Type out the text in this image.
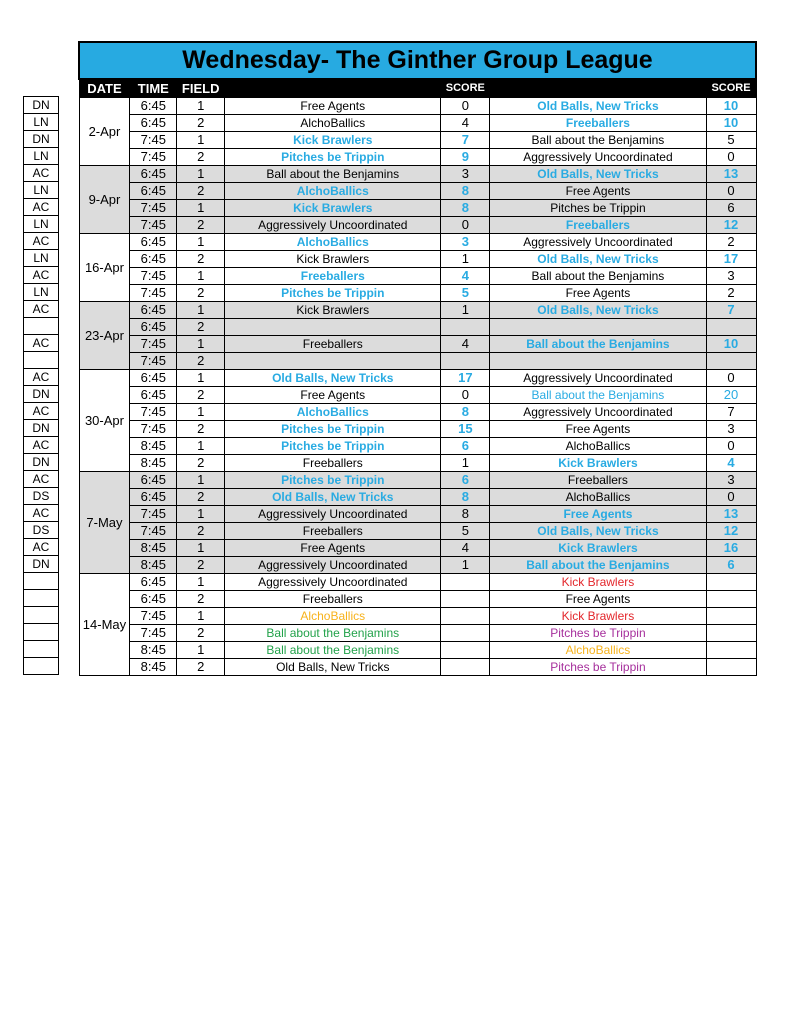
DN
LN
DN
LN
AC
LN
AC
LN
AC
LN
AC
LN
AC

AC

AC
DN
AC
DN
AC
DN
AC
DS
AC
DS
AC
DN

Wednesday- The Ginther Group League						
DATE	TIME	FIELD		SCORE		SCORE
2-Apr	6:45	1	Free Agents	0	Old Balls, New Tricks	10
	6:45	2	AlchoBallics	4	Freeballers	10
	7:45	1	Kick Brawlers	7	Ball about the Benjamins	5
	7:45	2	Pitches be Trippin	9	Aggressively Uncoordinated	0
9-Apr	6:45	1	Ball about the Benjamins	3	Old Balls, New Tricks	13
	6:45	2	AlchoBallics	8	Free Agents	0
	7:45	1	Kick Brawlers	8	Pitches be Trippin	6
	7:45	2	Aggressively Uncoordinated	0	Freeballers	12
16-Apr	6:45	1	AlchoBallics	3	Aggressively Uncoordinated	2
	6:45	2	Kick Brawlers	1	Old Balls, New Tricks	17
	7:45	1	Freeballers	4	Ball about the Benjamins	3
	7:45	2	Pitches be Trippin	5	Free Agents	2
23-Apr	6:45	1	Kick Brawlers	1	Old Balls, New Tricks	7
	6:45	2				
	7:45	1	Freeballers	4	Ball about the Benjamins	10
	7:45	2				
30-Apr	6:45	1	Old Balls, New Tricks	17	Aggressively Uncoordinated	0
	6:45	2	Free Agents	0	Ball about the Benjamins	20
	7:45	1	AlchoBallics	8	Aggressively Uncoordinated	7
	7:45	2	Pitches be Trippin	15	Free Agents	3
	8:45	1	Pitches be Trippin	6	AlchoBallics	0
	8:45	2	Freeballers	1	Kick Brawlers	4
7-May	6:45	1	Pitches be Trippin	6	Freeballers	3
	6:45	2	Old Balls, New Tricks	8	AlchoBallics	0
	7:45	1	Aggressively Uncoordinated	8	Free Agents	13
	7:45	2	Freeballers	5	Old Balls, New Tricks	12
	8:45	1	Free Agents	4	Kick Brawlers	16
	8:45	2	Aggressively Uncoordinated	1	Ball about the Benjamins	6
14-May	6:45	1	Aggressively Uncoordinated		Kick Brawlers	
	6:45	2	Freeballers		Free Agents	
	7:45	1	AlchoBallics		Kick Brawlers	
	7:45	2	Ball about the Benjamins		Pitches be Trippin	
	8:45	1	Ball about the Benjamins		AlchoBallics	
	8:45	2	Old Balls, New Tricks		Pitches be Trippin	
